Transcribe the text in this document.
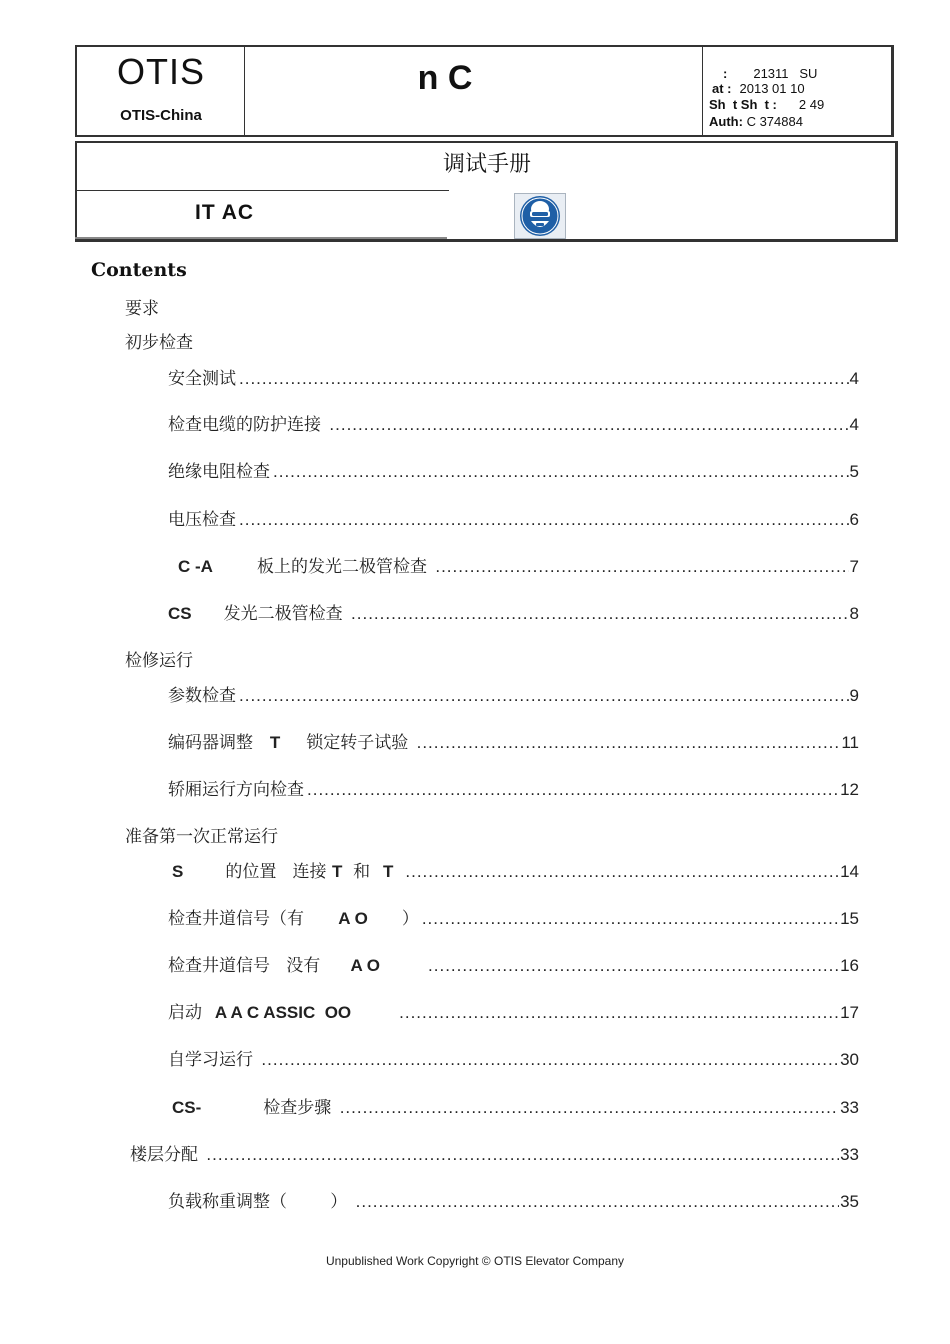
OTIS
OTIS-China
n C	: 21311   SU
at : 2013 01 10
Sh  t Sh  t : 2 49
Auth: C 374884
调试手册
IT AC
Contents
要求
初步检查
安全测试 .....	4
检查电缆的防护连接 .....	4
绝缘电阻检查 .....	5
电压检查 .....	6
C -A	板上的发光二极管检查 .....	7
CS 发光二极管检查 .....	8
检修运行
参数检查 .....	9
编码器调整  T 锁定转子试验 .....	11
轿厢运行方向检查 .....	12
准备第一次正常运行
S 的位置   连接 T  和  T .....	14
检查井道信号（有   A O ） .....	15
检查井道信号   没有   A O .....	16
启动  A A C ASSIC  OO .....	17
自学习运行 .....	30
CS-	检查步骤 .....	33
楼层分配 .....	33
负载称重调整（        ） .....	35
Unpublished Work Copyright © OTIS Elevator Company
